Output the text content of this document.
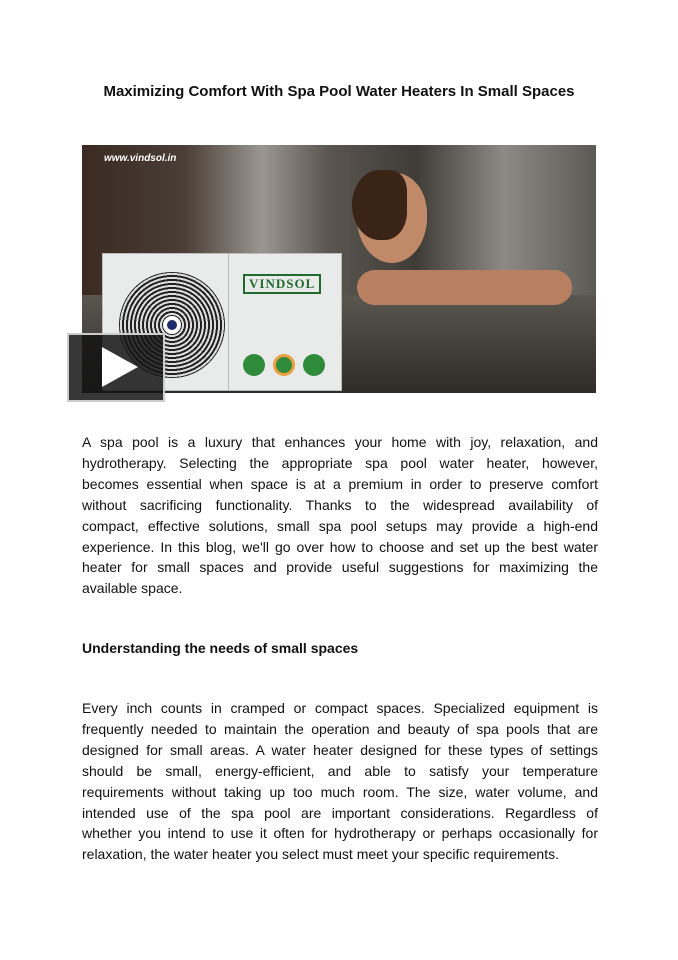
Maximizing Comfort With Spa Pool Water Heaters In Small Spaces
www.vindsol.in
VINDSOL
A spa pool is a luxury that enhances your home with joy, relaxation, and
hydrotherapy. Selecting the appropriate spa pool water heater, however,
becomes essential when space is at a premium in order to preserve comfort
without sacrificing functionality. Thanks to the widespread availability of
compact, effective solutions, small spa pool setups may provide a high-end
experience. In this blog, we'll go over how to choose and set up the best water
heater for small spaces and provide useful suggestions for maximizing the
available space.
Understanding the needs of small spaces
Every inch counts in cramped or compact spaces. Specialized equipment is
frequently needed to maintain the operation and beauty of spa pools that are
designed for small areas. A water heater designed for these types of settings
should be small, energy-efficient, and able to satisfy your temperature
requirements without taking up too much room. The size, water volume, and
intended use of the spa pool are important considerations. Regardless of
whether you intend to use it often for hydrotherapy or perhaps occasionally for
relaxation, the water heater you select must meet your specific requirements.
